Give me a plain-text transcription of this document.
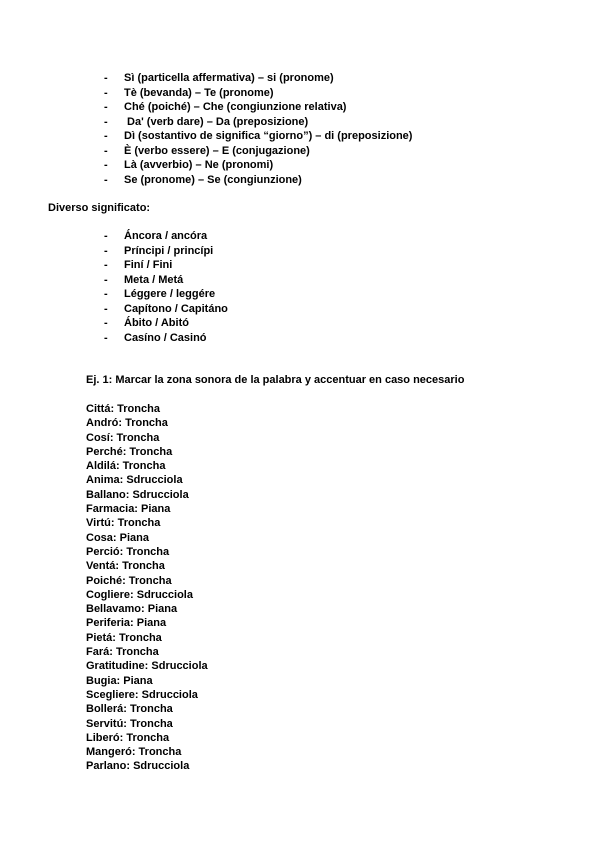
- Sì (particella affermativa) – si (pronome)
- Tè (bevanda) – Te (pronome)
- Ché (poiché) – Che (congiunzione relativa)
- Da' (verb dare) – Da (preposizione)
- Dì (sostantivo de significa “giorno”) – di (preposizione)
- È (verbo essere) – E (conjugazione)
- Là (avverbio) – Ne (pronomi)
- Se (pronome) – Se (congiunzione)
Diverso significato:
- Áncora / ancóra
- Príncipi / princípi
- Finí / Fini
- Meta / Metá
- Léggere / leggére
- Capítono / Capitáno
- Ábito / Abitó
- Casíno / Casinó
Ej. 1: Marcar la zona sonora de la palabra y accentuar en caso necesario
Cittá: Troncha
Andró: Troncha
Cosí: Troncha
Perché: Troncha
Aldilá: Troncha
Anima: Sdrucciola
Ballano: Sdrucciola
Farmacia: Piana
Virtú: Troncha
Cosa: Piana
Perció: Troncha
Ventá: Troncha
Poiché: Troncha
Cogliere: Sdrucciola
Bellavamo: Piana
Periferia: Piana
Pietá: Troncha
Fará: Troncha
Gratitudine: Sdrucciola
Bugia: Piana
Scegliere: Sdrucciola
Bollerá: Troncha
Servitú: Troncha
Liberó: Troncha
Mangeró: Troncha
Parlano: Sdrucciola
